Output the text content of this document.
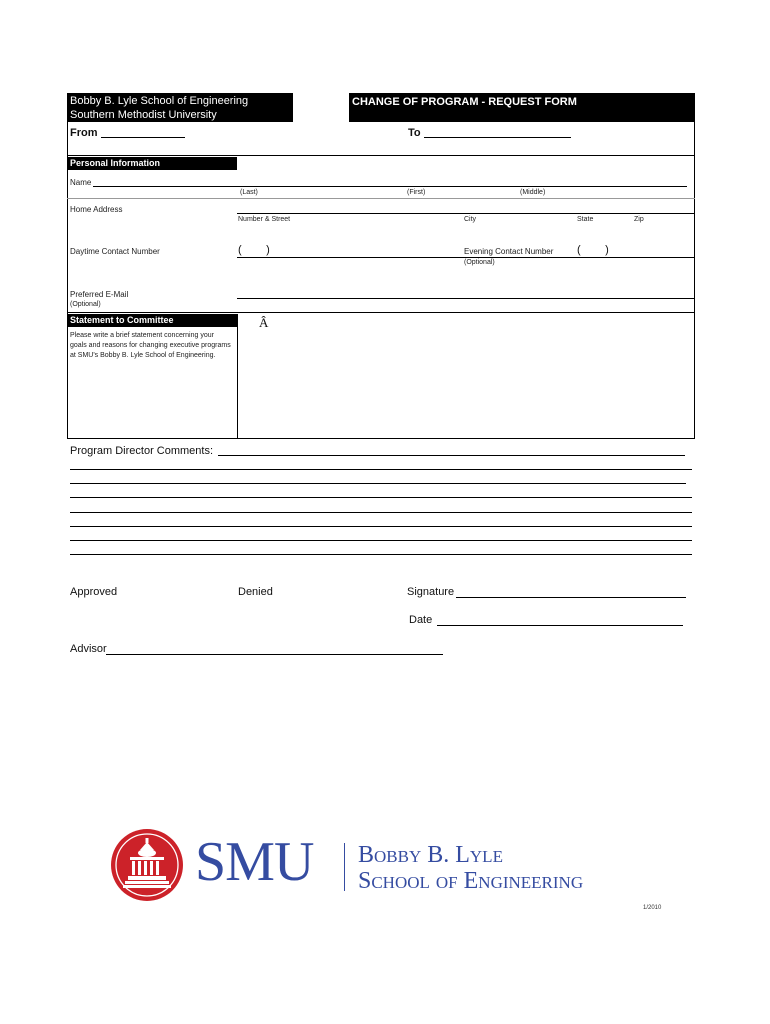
Bobby B. Lyle School of Engineering
Southern Methodist University
CHANGE OF PROGRAM - REQUEST FORM
From	To
Personal Information
Name
(Last)	(First)	(Middle)
Home Address
Number & Street	City	State	Zip
Daytime Contact Number	(        )	Evening Contact Number (        )
(Optional)
Preferred E-Mail
(Optional)
Statement to Committee
Please write a brief statement concerning your goals and reasons for changing executive programs at SMU's Bobby B. Lyle School of Engineering.
Â
Program Director Comments:
Approved	Denied	Signature
Date
Advisor
SMU Bobby B. Lyle
School of Engineering
1/2010
